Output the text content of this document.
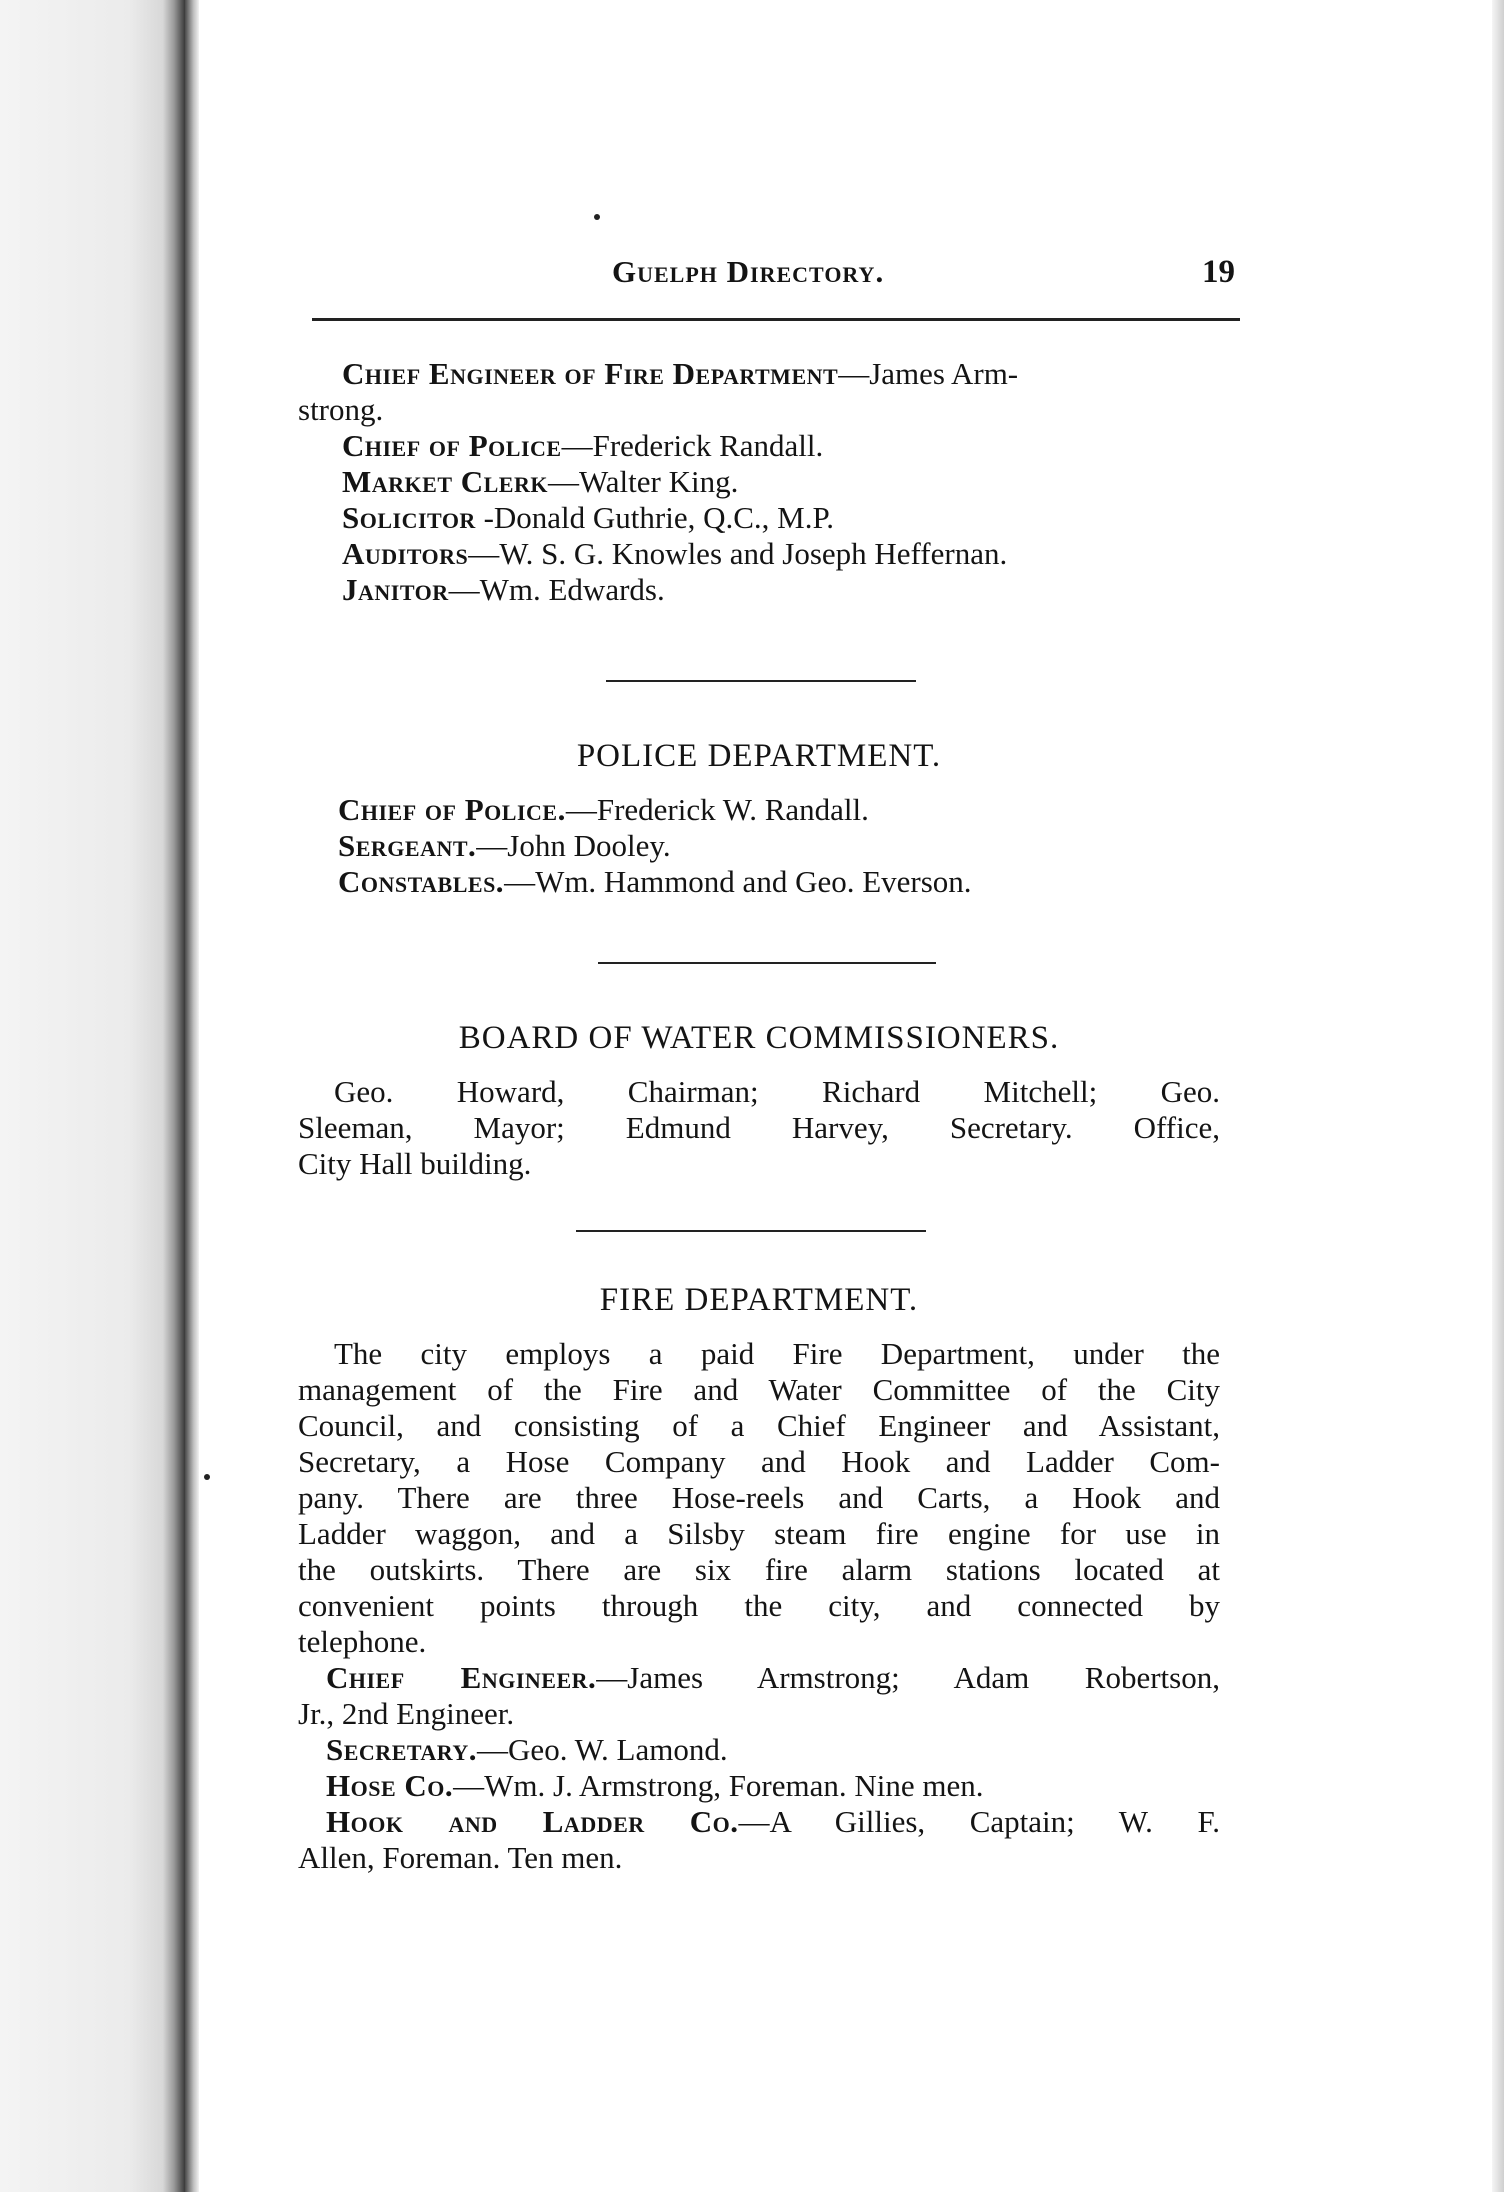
Guelph Directory.	19
Chief Engineer of Fire Department—James Arm-
strong.
Chief of Police—Frederick Randall.
Market Clerk—Walter King.
Solicitor -Donald Guthrie, Q.C., M.P.
Auditors—W. S. G. Knowles and Joseph Heffernan.
Janitor—Wm. Edwards.
POLICE DEPARTMENT.
Chief of Police.—Frederick W. Randall.
Sergeant.—John Dooley.
Constables.—Wm. Hammond and Geo. Everson.
BOARD OF WATER COMMISSIONERS.
Geo. Howard, Chairman; Richard Mitchell; Geo.
Sleeman, Mayor; Edmund Harvey, Secretary. Office,
City Hall building.
FIRE DEPARTMENT.
The city employs a paid Fire Department, under the
management of the Fire and Water Committee of the City
Council, and consisting of a Chief Engineer and Assistant,
Secretary, a Hose Company and Hook and Ladder Com-
pany. There are three Hose-reels and Carts, a Hook and
Ladder waggon, and a Silsby steam fire engine for use in
the outskirts. There are six fire alarm stations located at
convenient points through the city, and connected by
telephone.
Chief Engineer.—James Armstrong; Adam Robertson,
Jr., 2nd Engineer.
Secretary.—Geo. W. Lamond.
Hose Co.—Wm. J. Armstrong, Foreman. Nine men.
Hook and Ladder Co.—A Gillies, Captain; W. F.
Allen, Foreman. Ten men.
